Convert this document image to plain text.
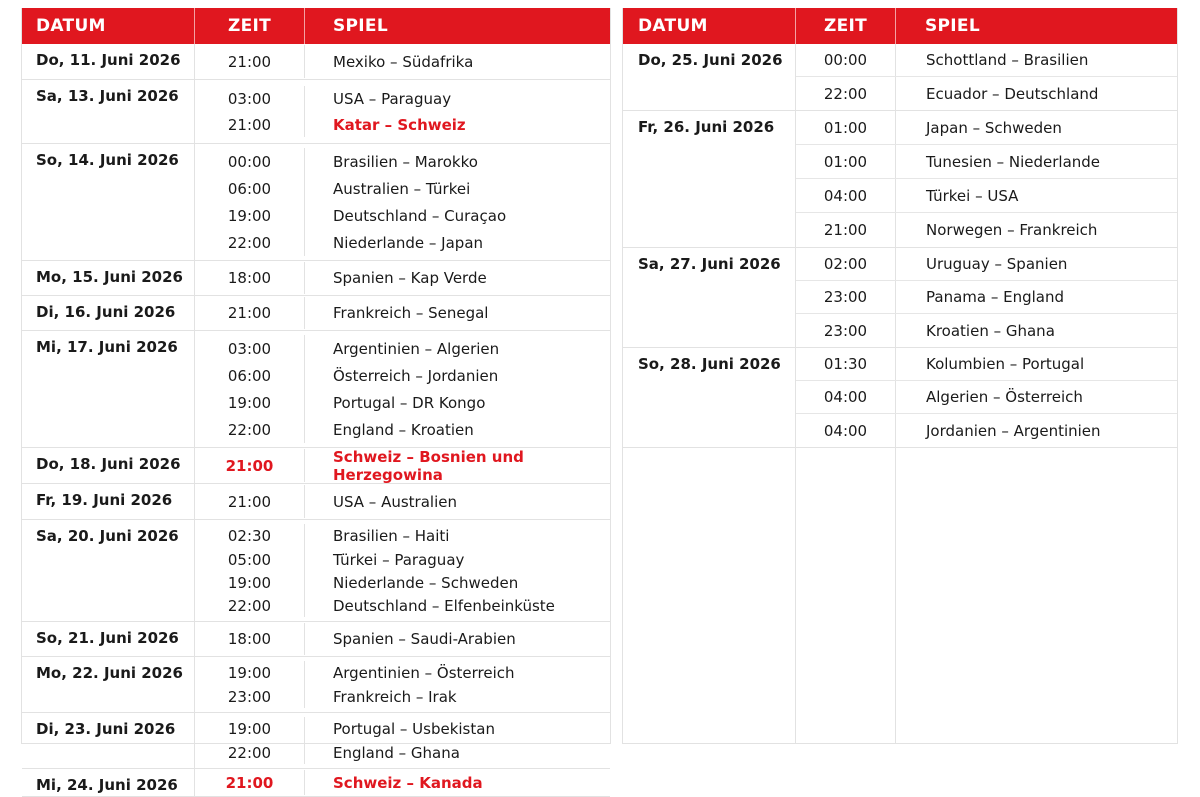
DATUM	ZEIT	SPIEL
Do, 11. Juni 2026	21:00	Mexiko – Südafrika
Sa, 13. Juni 2026	03:00	USA – Paraguay
21:00	Katar – Schweiz
So, 14. Juni 2026	00:00	Brasilien – Marokko
06:00	Australien – Türkei
19:00	Deutschland – Curaçao
22:00	Niederlande – Japan
Mo, 15. Juni 2026	18:00	Spanien – Kap Verde
Di, 16. Juni 2026	21:00	Frankreich – Senegal
Mi, 17. Juni 2026	03:00	Argentinien – Algerien
06:00	Österreich – Jordanien
19:00	Portugal – DR Kongo
22:00	England – Kroatien
Do, 18. Juni 2026	21:00	Schweiz – Bosnien und Herzegowina
Fr, 19. Juni 2026	21:00	USA – Australien
Sa, 20. Juni 2026	02:30	Brasilien – Haiti
05:00	Türkei – Paraguay
19:00	Niederlande – Schweden
22:00	Deutschland – Elfenbeinküste
So, 21. Juni 2026	18:00	Spanien – Saudi-Arabien
Mo, 22. Juni 2026	19:00	Argentinien – Österreich
23:00	Frankreich – Irak
Di, 23. Juni 2026	19:00	Portugal – Usbekistan
22:00	England – Ghana
Mi, 24. Juni 2026	21:00	Schweiz – Kanada
DATUM	ZEIT	SPIEL
Do, 25. Juni 2026	00:00	Schottland – Brasilien
22:00	Ecuador – Deutschland
Fr, 26. Juni 2026	01:00	Japan – Schweden
01:00	Tunesien – Niederlande
04:00	Türkei – USA
21:00	Norwegen – Frankreich
Sa, 27. Juni 2026	02:00	Uruguay – Spanien
23:00	Panama – England
23:00	Kroatien – Ghana
So, 28. Juni 2026	01:30	Kolumbien – Portugal
04:00	Algerien – Österreich
04:00	Jordanien – Argentinien
